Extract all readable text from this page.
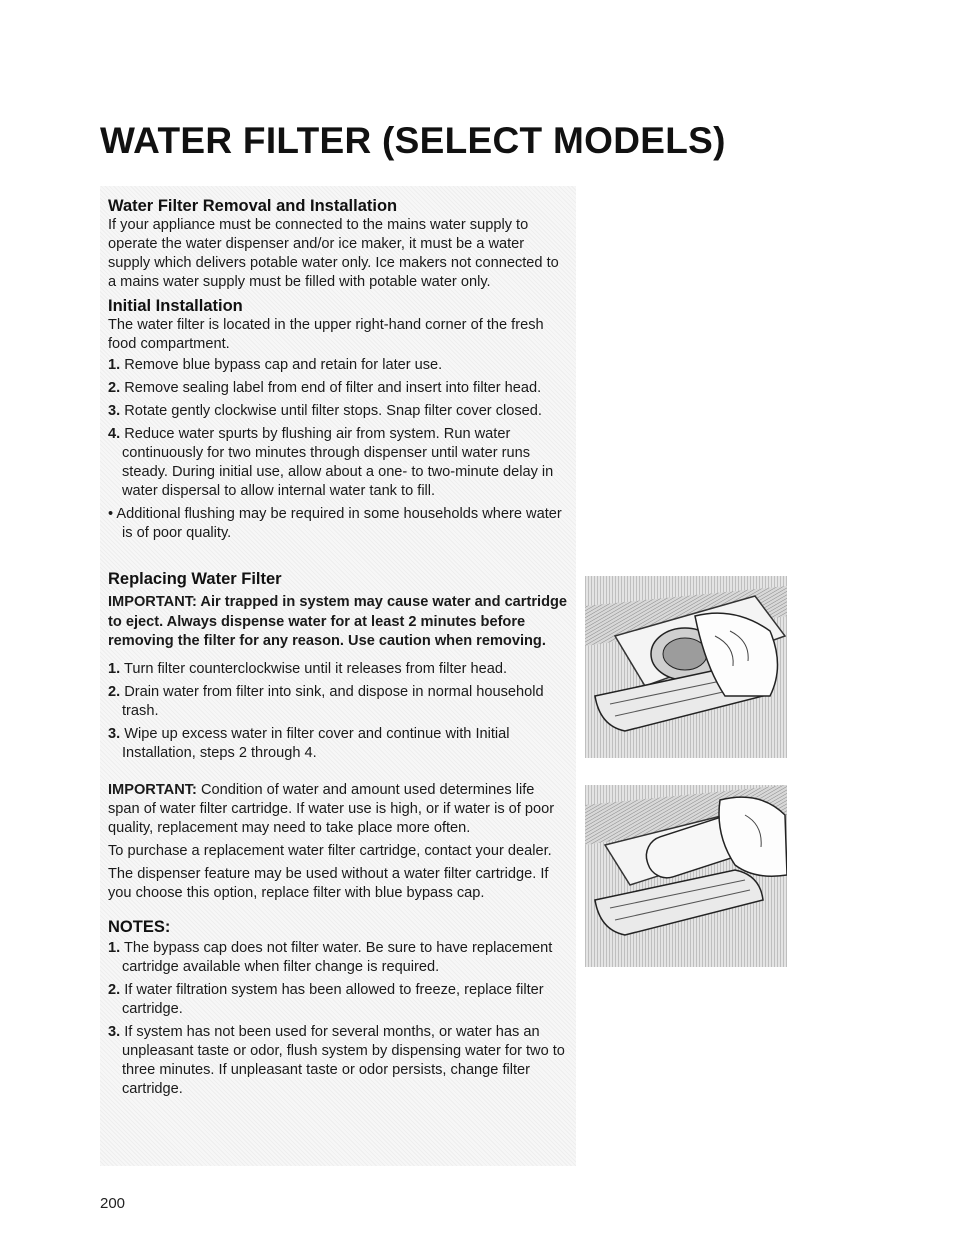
WATER FILTER (SELECT MODELS)
Water Filter Removal and Installation

If your appliance must be connected to the mains water supply to operate the water dispenser and/or ice maker, it must be a water supply which delivers potable water only. Ice makers not connected to a mains water supply must be filled with potable water only.

Initial Installation

The water filter is located in the upper right-hand corner of the fresh food compartment.

1. Remove blue bypass cap and retain for later use.
2. Remove sealing label from end of filter and insert into filter head.
3. Rotate gently clockwise until filter stops. Snap filter cover closed.
4. Reduce water spurts by flushing air from system. Run water continuously for two minutes through dispenser until water runs steady. During initial use, allow about a one- to two-minute delay in water dispersal to allow internal water tank to fill.
• Additional flushing may be required in some households where water is of poor quality.
Replacing Water Filter
IMPORTANT: Air trapped in system may cause water and cartridge to eject. Always dispense water for at least 2 minutes before removing the filter for any reason. Use caution when removing.
1. Turn filter counterclockwise until it releases from filter head.
2. Drain water from filter into sink, and dispose in normal household trash.
3. Wipe up excess water in filter cover and continue with Initial Installation, steps 2 through 4.

IMPORTANT: Condition of water and amount used determines life span of water filter cartridge. If water use is high, or if water is of poor quality, replacement may need to take place more often.

To purchase a replacement water filter cartridge, contact your dealer.

The dispenser feature may be used without a water filter cartridge. If you choose this option, replace filter with blue bypass cap.

NOTES:
1. The bypass cap does not filter water. Be sure to have replacement cartridge available when filter change is required.
2. If water filtration system has been allowed to freeze, replace filter cartridge.
3. If system has not been used for several months, or water has an unpleasant taste or odor, flush system by dispensing water for two to three minutes. If unpleasant taste or odor persists, change filter cartridge.

200
